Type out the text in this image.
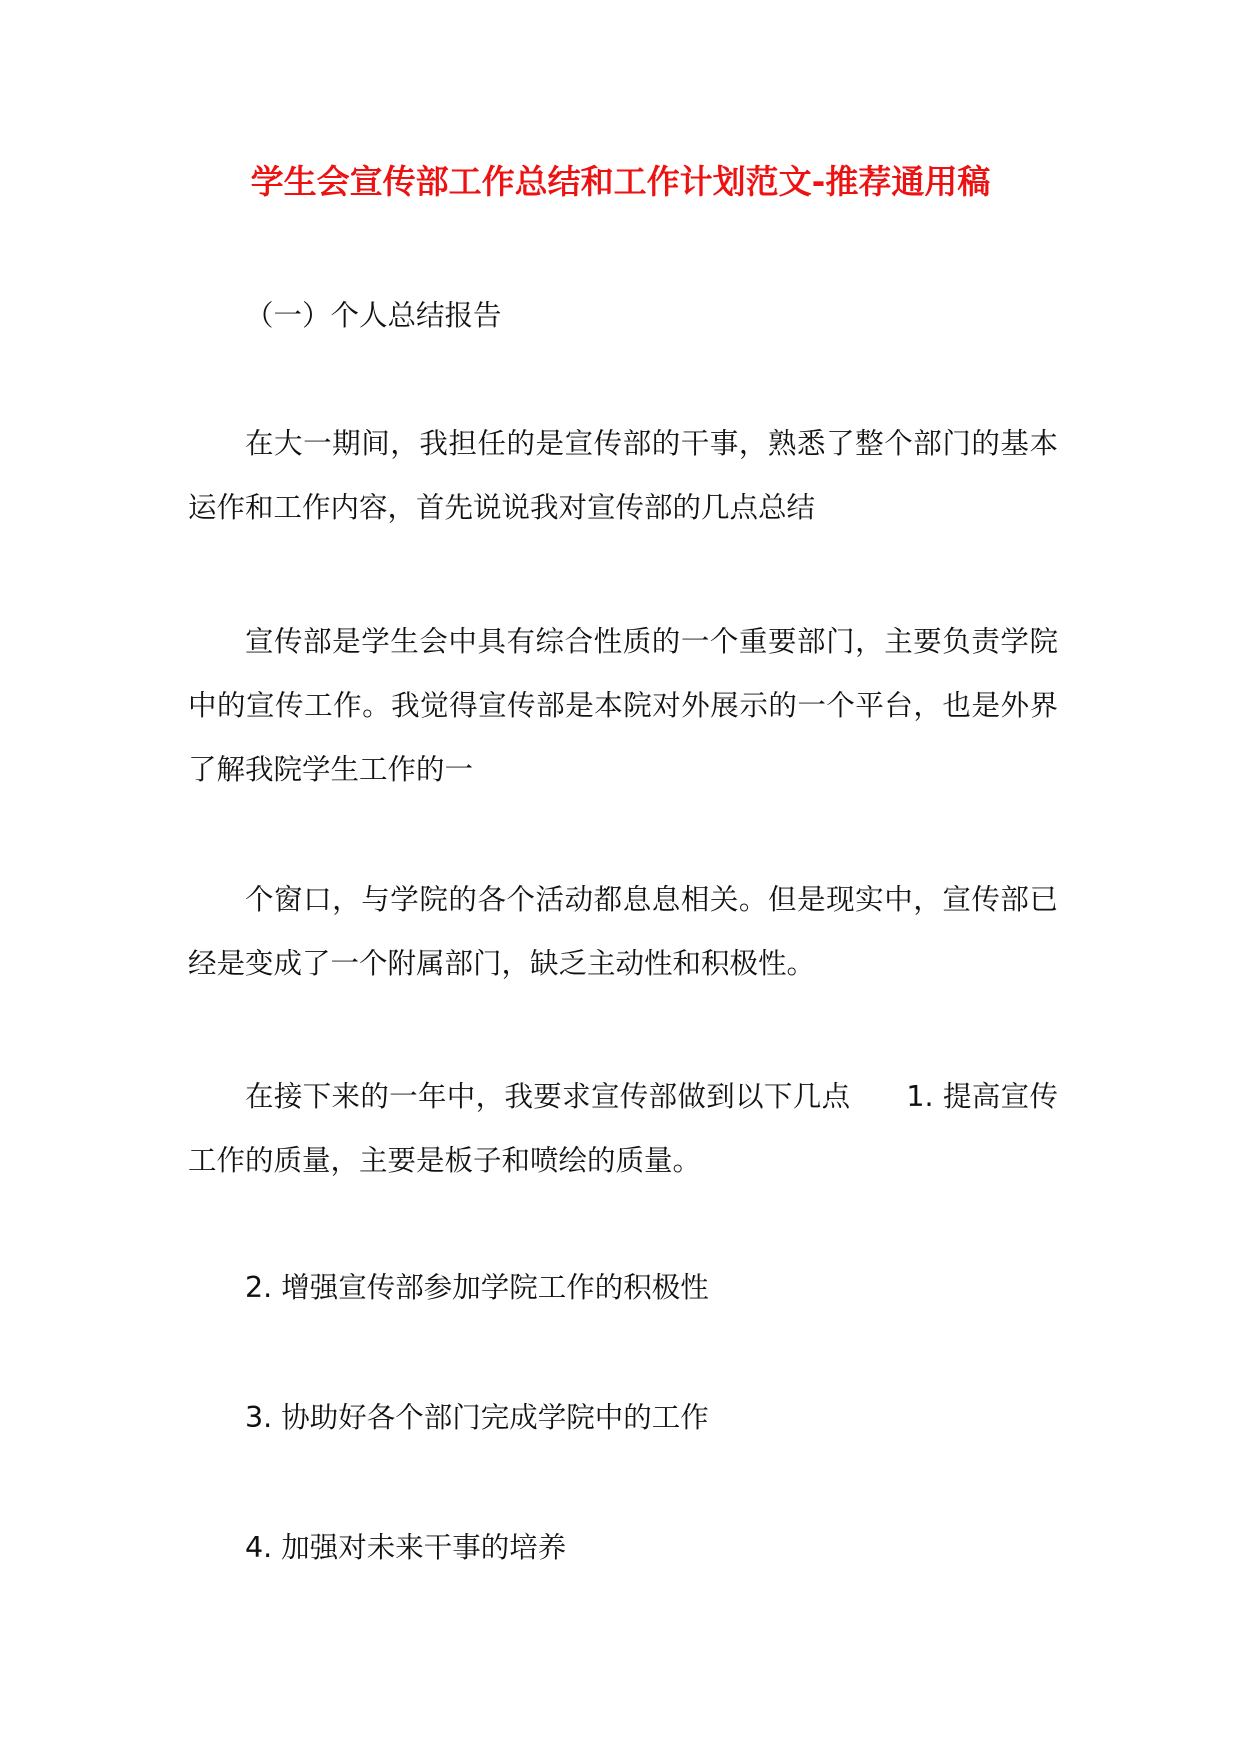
学生会宣传部工作总结和工作计划范文-推荐通用稿
（一）个人总结报告
在大一期间，我担任的是宣传部的干事，熟悉了整个部门的基本运作和工作内容，首先说说我对宣传部的几点总结
宣传部是学生会中具有综合性质的一个重要部门，主要负责学院中的宣传工作。我觉得宣传部是本院对外展示的一个平台，也是外界了解我院学生工作的一
个窗口，与学院的各个活动都息息相关。但是现实中，宣传部已经是变成了一个附属部门，缺乏主动性和积极性。
在接下来的一年中，我要求宣传部做到以下几点 1. 提高宣传工作的质量，主要是板子和喷绘的质量。
2. 增强宣传部参加学院工作的积极性
3. 协助好各个部门完成学院中的工作
4. 加强对未来干事的培养
